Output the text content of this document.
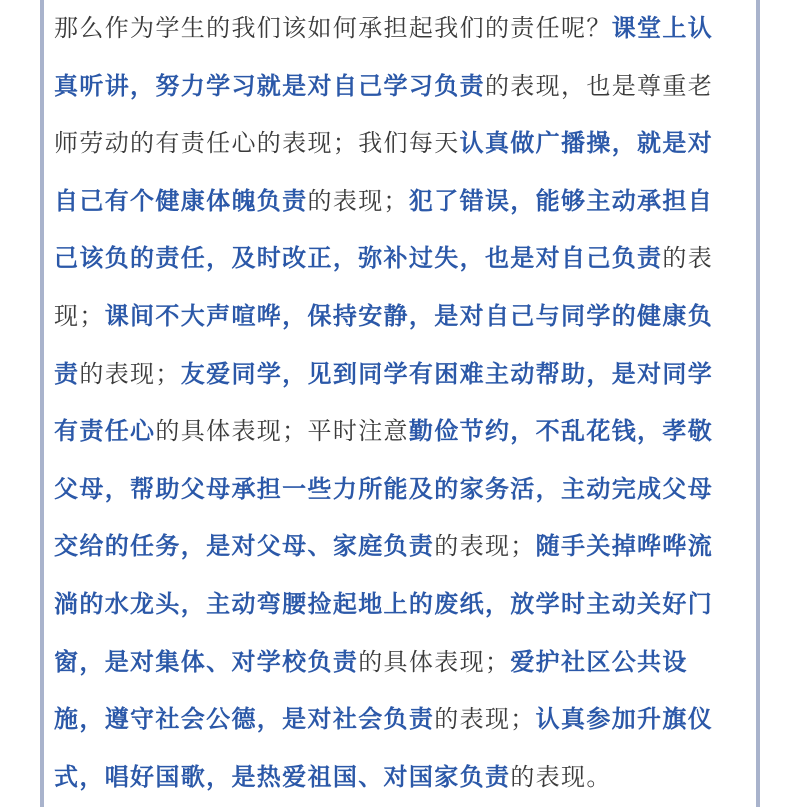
那么作为学生的我们该如何承担起我们的责任呢？课堂上认
真听讲，努力学习就是对自己学习负责的表现，也是尊重老
师劳动的有责任心的表现；我们每天认真做广播操，就是对
自己有个健康体魄负责的表现；犯了错误，能够主动承担自
己该负的责任，及时改正，弥补过失，也是对自己负责的表
现；课间不大声喧哗，保持安静，是对自己与同学的健康负
责的表现；友爱同学，见到同学有困难主动帮助，是对同学
有责任心的具体表现；平时注意勤俭节约，不乱花钱，孝敬
父母，帮助父母承担一些力所能及的家务活，主动完成父母
交给的任务，是对父母、家庭负责的表现；随手关掉哗哗流
淌的水龙头，主动弯腰捡起地上的废纸，放学时主动关好门
窗，是对集体、对学校负责的具体表现；爱护社区公共设
施，遵守社会公德，是对社会负责的表现；认真参加升旗仪
式，唱好国歌，是热爱祖国、对国家负责的表现。
